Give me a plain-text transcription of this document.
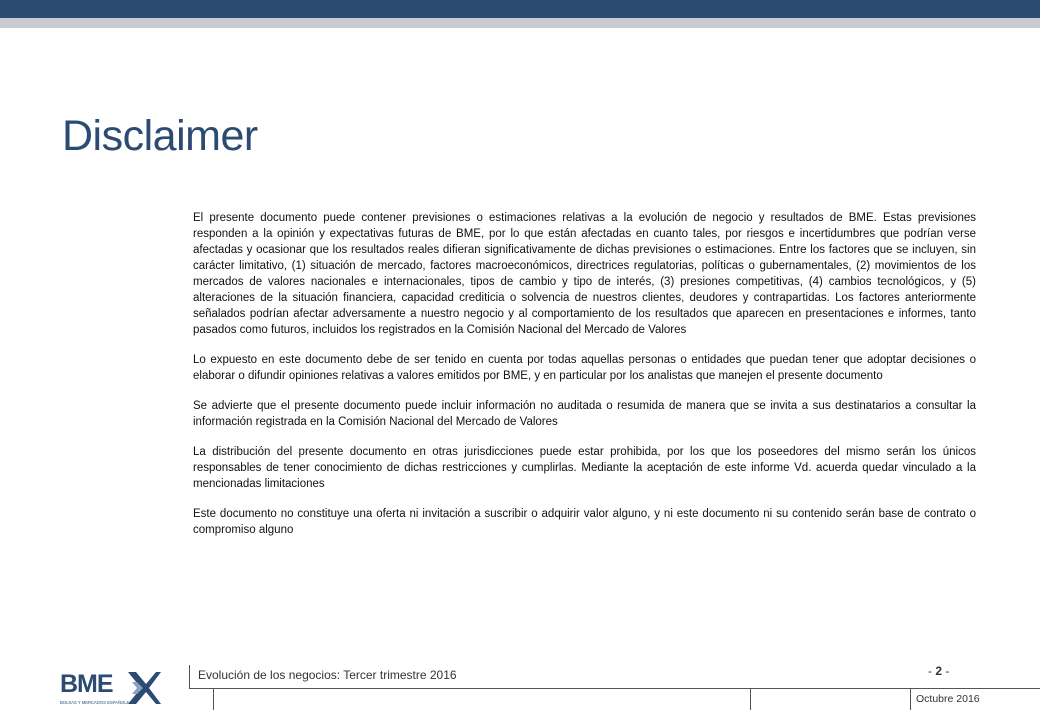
Disclaimer

El presente documento puede contener previsiones o estimaciones relativas a la evolución de negocio y resultados de BME. Estas previsiones responden a la opinión y expectativas futuras de BME, por lo que están afectadas en cuanto tales, por riesgos e incertidumbres que podrían verse afectadas y ocasionar que los resultados reales difieran significativamente de dichas previsiones o estimaciones. Entre los factores que se incluyen, sin carácter limitativo, (1) situación de mercado, factores macroeconómicos, directrices regulatorias, políticas o gubernamentales, (2) movimientos de los mercados de valores nacionales e internacionales, tipos de cambio y tipo de interés, (3) presiones competitivas, (4) cambios tecnológicos, y (5) alteraciones de la situación financiera, capacidad crediticia o solvencia de nuestros clientes, deudores y contrapartidas. Los factores anteriormente señalados podrían afectar adversamente a nuestro negocio y al comportamiento de los resultados que aparecen en presentaciones e informes, tanto pasados como futuros, incluidos los registrados en la Comisión Nacional del Mercado de Valores

Lo expuesto en este documento debe de ser tenido en cuenta por todas aquellas personas o entidades que puedan tener que adoptar decisiones o elaborar o difundir opiniones relativas a valores emitidos por BME, y en particular por los analistas que manejen el presente documento

Se advierte que el presente documento puede incluir información no auditada o resumida de manera que se invita a sus destinatarios a consultar la información registrada en la Comisión Nacional del Mercado de Valores

La distribución del presente documento en otras jurisdicciones puede estar prohibida, por los que los poseedores del mismo serán los únicos responsables de tener conocimiento de dichas restricciones y cumplirlas. Mediante la aceptación de este informe Vd. acuerda quedar vinculado a la mencionadas limitaciones

Este documento no constituye una oferta ni invitación a suscribir o adquirir valor alguno, y ni este documento ni su contenido serán base de contrato o compromiso alguno

BME
BOLSAS Y MERCADOS ESPAÑOLES
Evolución de los negocios: Tercer trimestre 2016	- 2 -
Octubre 2016
